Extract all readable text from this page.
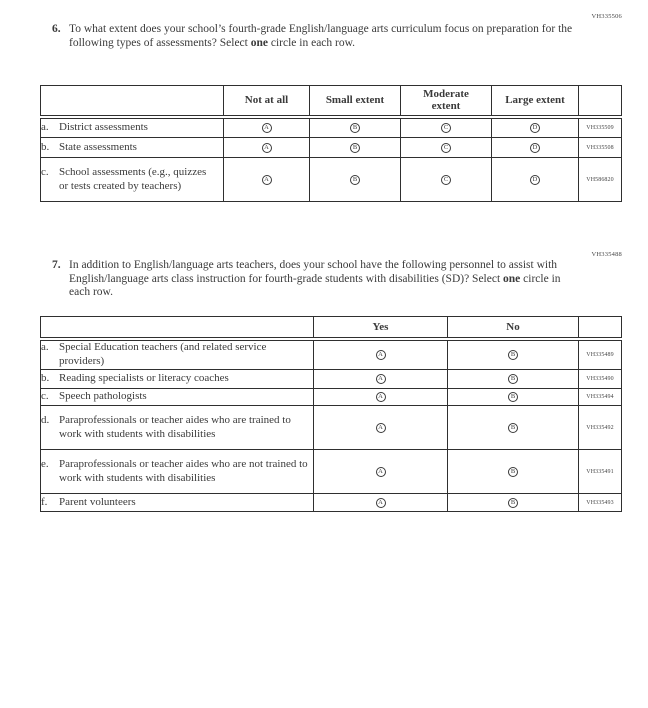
VH335506
6. To what extent does your school’s fourth-grade English/language arts curriculum focus on preparation for the following types of assessments? Select one circle in each row.
	Not at all	Small extent	Moderate extent	Large extent	

a. District assessments	A	B	C	D	VH335509

b. State assessments	A	B	C	D	VH335508

c. School assessments (e.g., quizzes or tests created by teachers)	A	B	C	D	VH586820
VH335488
7. In addition to English/language arts teachers, does your school have the following personnel to assist with English/language arts class instruction for fourth-grade students with disabilities (SD)? Select one circle in each row.
	Yes	No	

a. Special Education teachers (and related service providers)	A	B	VH335489

b. Reading specialists or literacy coaches	A	B	VH335490

c. Speech pathologists	A	B	VH335494

d. Paraprofessionals or teacher aides who are trained to work with students with disabilities	A	B	VH335492

e. Paraprofessionals or teacher aides who are not trained to work with students with disabilities	A	B	VH335491

f. Parent volunteers	A	B	VH335493
